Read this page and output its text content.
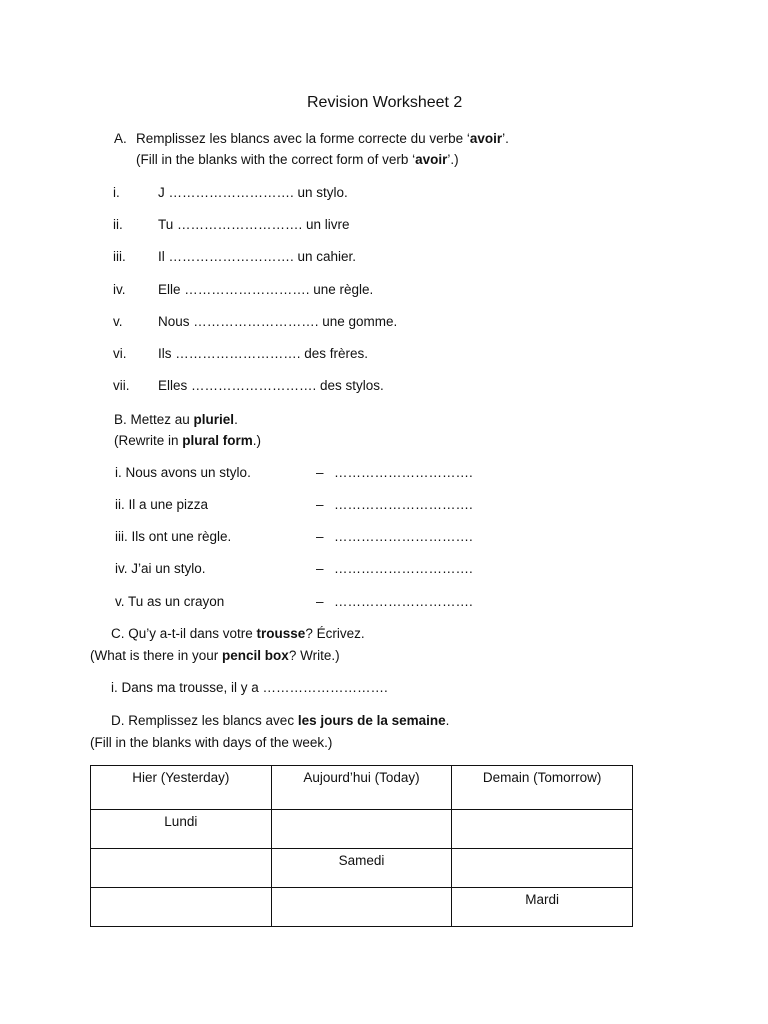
Revision Worksheet 2
A. Remplissez les blancs avec la forme correcte du verbe ‘avoir’.
(Fill in the blanks with the correct form of verb ‘avoir’.)
i.	J ………………………. un stylo.
ii.	Tu ………………………. un livre
iii. Il ………………………. un cahier.
iv. Elle ………………………. une règle.
v.	Nous ………………………. une gomme.
vi. Ils ………………………. des frères.
vii. Elles ………………………. des stylos.
B. Mettez au pluriel.
(Rewrite in plural form.)
i. Nous avons un stylo.	– ………………………….
ii. Il a une pizza	– ………………………….
iii. Ils ont une règle.	– ………………………….
iv. J’ai un stylo.	– ………………………….
v. Tu as un crayon	– ………………………….
C. Qu’y a-t-il dans votre trousse? Écrivez.
(What is there in your pencil box? Write.)
i. Dans ma trousse, il y a ……………………….
D. Remplissez les blancs avec les jours de la semaine.
(Fill in the blanks with days of the week.)
Hier (Yesterday)	Aujourd’hui (Today)	Demain (Tomorrow)
Lundi		
	Samedi	
		Mardi
